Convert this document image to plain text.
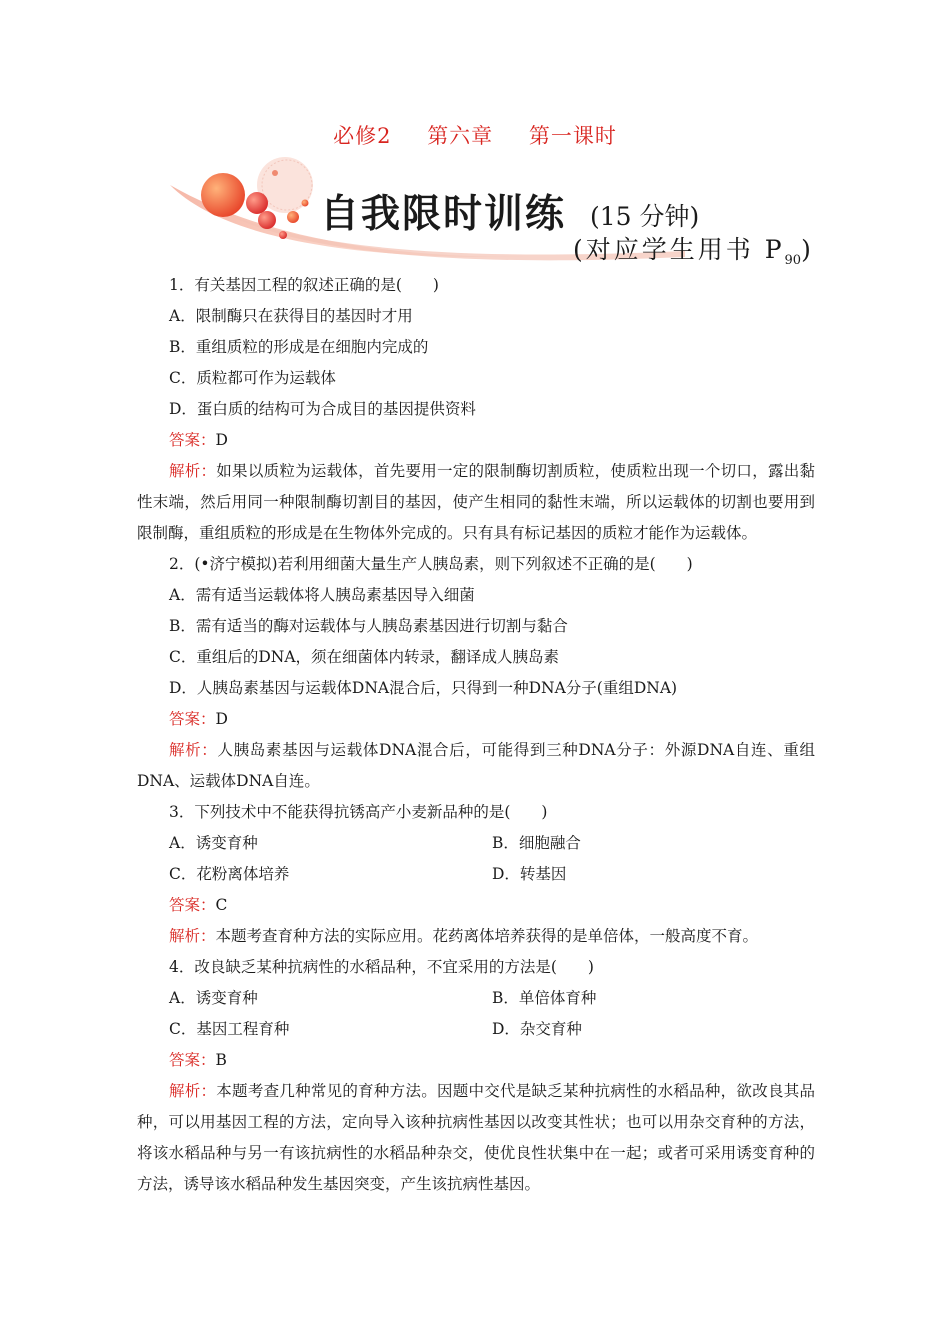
必修2 第六章 第一课时
自我限时训练 (15 分钟)
(对应学生用书 $P_{90}$)

1．有关基因工程的叙述正确的是(　　)

A．限制酶只在获得目的基因时才用

B．重组质粒的形成是在细胞内完成的

C．质粒都可作为运载体

D．蛋白质的结构可为合成目的基因提供资料

答案：D

解析：如果以质粒为运载体，首先要用一定的限制酶切割质粒，使质粒出现一个切口，露出黏性末端，然后用同一种限制酶切割目的基因，使产生相同的黏性末端，所以运载体的切割也要用到限制酶，重组质粒的形成是在生物体外完成的。只有具有标记基因的质粒才能作为运载体。

2．(•济宁模拟)若利用细菌大量生产人胰岛素，则下列叙述不正确的是(　　)

A．需有适当运载体将人胰岛素基因导入细菌

B．需有适当的酶对运载体与人胰岛素基因进行切割与黏合

C．重组后的DNA，须在细菌体内转录，翻译成人胰岛素

D．人胰岛素基因与运载体DNA混合后，只得到一种DNA分子(重组DNA)

答案：D

解析：人胰岛素基因与运载体DNA混合后，可能得到三种DNA分子：外源DNA自连、重组DNA、运载体DNA自连。

3．下列技术中不能获得抗锈高产小麦新品种的是(　　)

A．诱变育种	B．细胞融合
C．花粉离体培养	D．转基因

答案：C

解析：本题考查育种方法的实际应用。花药离体培养获得的是单倍体，一般高度不育。

4．改良缺乏某种抗病性的水稻品种，不宜采用的方法是(　　)

A．诱变育种	B．单倍体育种
C．基因工程育种	D．杂交育种

答案：B

解析：本题考查几种常见的育种方法。因题中交代是缺乏某种抗病性的水稻品种，欲改良其品种，可以用基因工程的方法，定向导入该种抗病性基因以改变其性状；也可以用杂交育种的方法，将该水稻品种与另一有该抗病性的水稻品种杂交，使优良性状集中在一起；或者可采用诱变育种的方法，诱导该水稻品种发生基因突变，产生该抗病性基因。
